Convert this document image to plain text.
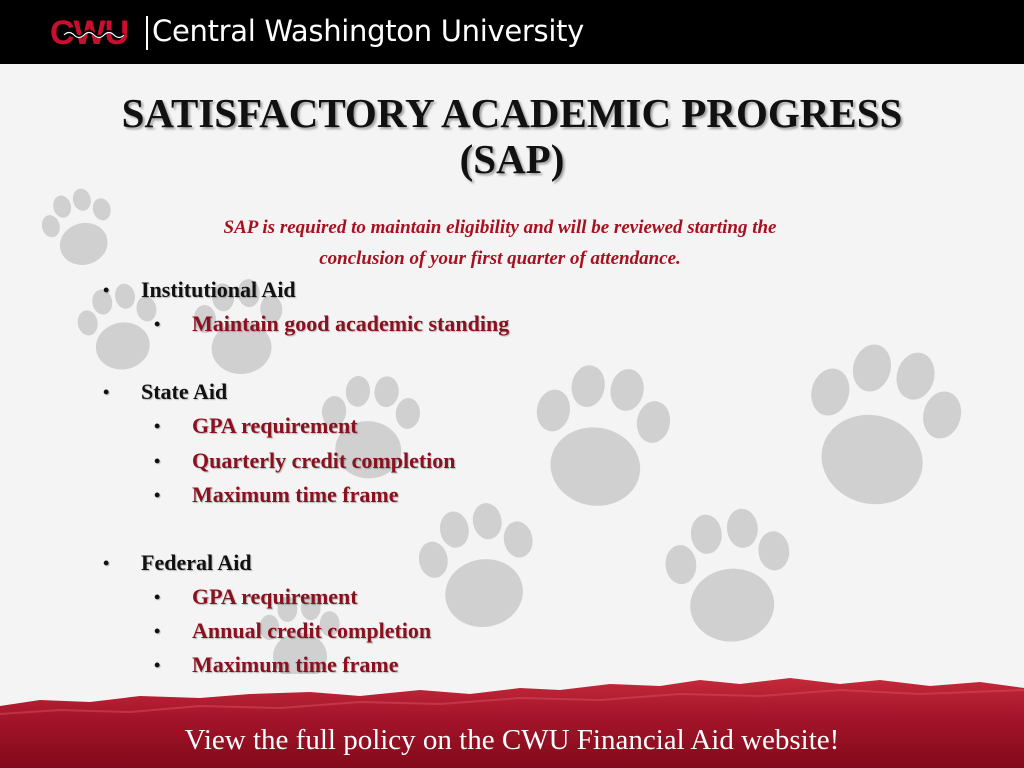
CWU Central Washington University
SATISFACTORY ACADEMIC PROGRESS
(SAP)
SAP is required to maintain eligibility and will be reviewed starting the
conclusion of your first quarter of attendance.
• Institutional Aid
• Maintain good academic standing
• State Aid
• GPA requirement
• Quarterly credit completion
• Maximum time frame
• Federal Aid
• GPA requirement
• Annual credit completion
• Maximum time frame
View the full policy on the CWU Financial Aid website!
